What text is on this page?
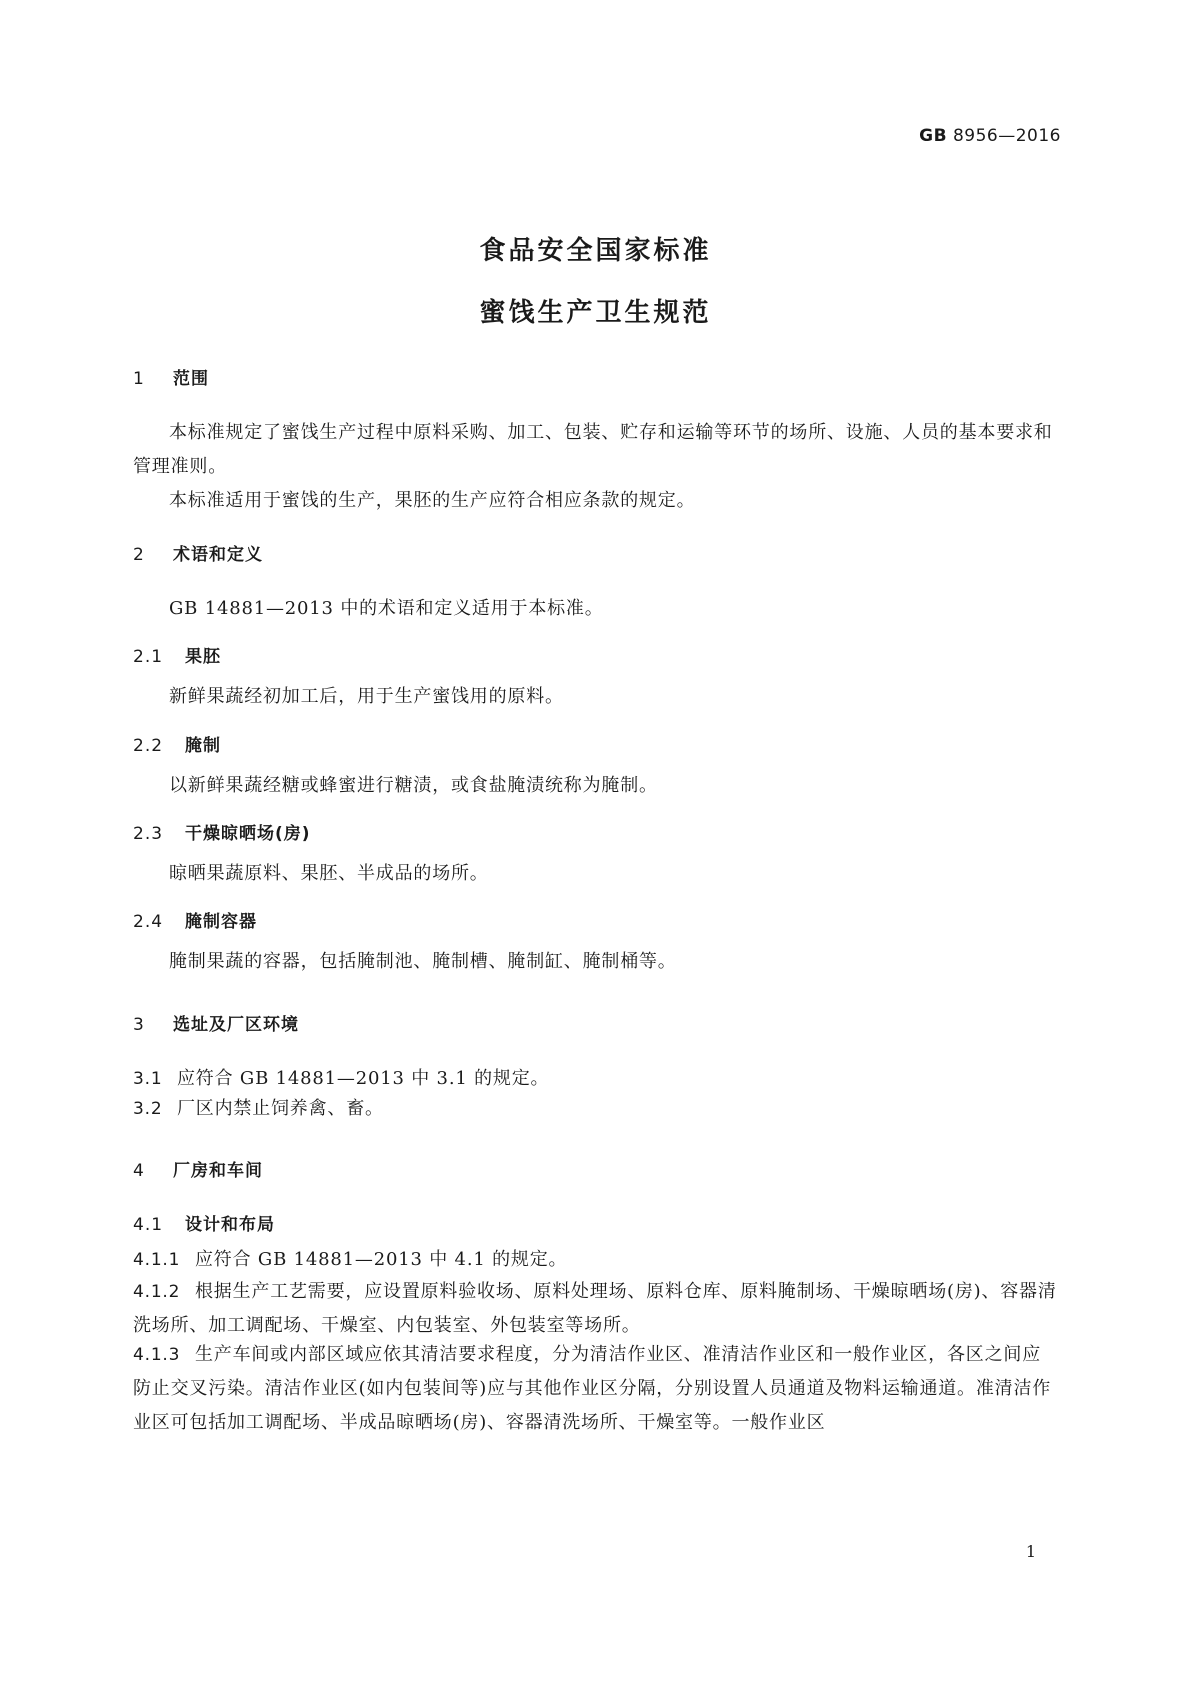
GB 8956—2016
食品安全国家标准
蜜饯生产卫生规范
1 范围
本标准规定了蜜饯生产过程中原料采购、加工、包装、贮存和运输等环节的场所、设施、人员的基本要求和管理准则。
本标准适用于蜜饯的生产，果胚的生产应符合相应条款的规定。
2 术语和定义
GB 14881—2013 中的术语和定义适用于本标准。
2.1 果胚
新鲜果蔬经初加工后，用于生产蜜饯用的原料。
2.2 腌制
以新鲜果蔬经糖或蜂蜜进行糖渍，或食盐腌渍统称为腌制。
2.3 干燥晾晒场(房)
晾晒果蔬原料、果胚、半成品的场所。
2.4 腌制容器
腌制果蔬的容器，包括腌制池、腌制槽、腌制缸、腌制桶等。
3 选址及厂区环境
3.1 应符合 GB 14881—2013 中 3.1 的规定。
3.2 厂区内禁止饲养禽、畜。
4 厂房和车间
4.1 设计和布局
4.1.1 应符合 GB 14881—2013 中 4.1 的规定。
4.1.2 根据生产工艺需要，应设置原料验收场、原料处理场、原料仓库、原料腌制场、干燥晾晒场(房)、容器清洗场所、加工调配场、干燥室、内包装室、外包装室等场所。
4.1.3 生产车间或内部区域应依其清洁要求程度，分为清洁作业区、准清洁作业区和一般作业区，各区之间应防止交叉污染。清洁作业区(如内包装间等)应与其他作业区分隔，分别设置人员通道及物料运输通道。准清洁作业区可包括加工调配场、半成品晾晒场(房)、容器清洗场所、干燥室等。一般作业区
1
